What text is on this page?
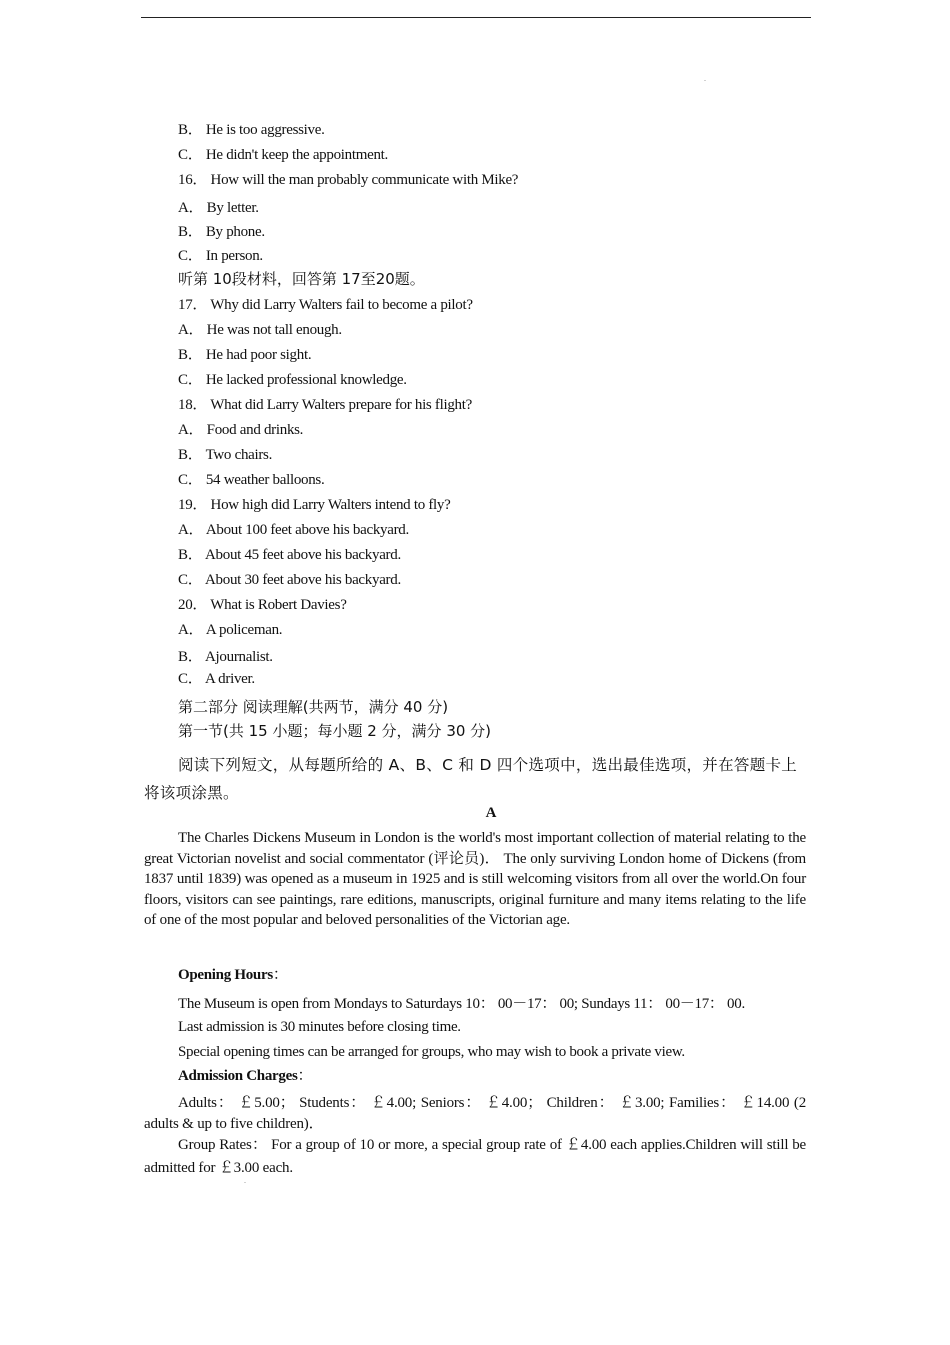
.
B． He is too aggressive.
C． He didn't keep the appointment.
16． How will the man probably communicate with Mike?
A． By letter.
B． By phone.
C． In person.
听第 10段材料，回答第 17至20题。
17． Why did Larry Walters fail to become a pilot?
A． He was not tall enough.
B． He had poor sight.
C． He lacked professional knowledge.
18． What did Larry Walters prepare for his flight?
A． Food and drinks.
B． Two chairs.
C． 54 weather balloons.
19． How high did Larry Walters intend to fly?
A． About 100 feet above his backyard.
B． About 45 feet above his backyard.
C． About 30 feet above his backyard.
20． What is Robert Davies?
A． A policeman.
B． Ajournalist.
C． A driver.
第二部分 阅读理解(共两节，满分 40 分)
第一节(共 15 小题；每小题 2 分，满分 30 分)
阅读下列短文，从每题所给的 A、B、C 和 D 四个选项中，选出最佳选项，并在答题卡上将该项涂黑。
A
The Charles Dickens Museum in London is the world's most important collection of material relating to the great Victorian novelist and social commentator (评论员)． The only surviving London home of Dickens (from 1837 until 1839) was opened as a museum in 1925 and is still welcoming visitors from all over the world.On four floors, visitors can see paintings, rare editions, manuscripts, original furniture and many items relating to the life of one of the most popular and beloved personalities of the Victorian age.
Opening Hours：
The Museum is open from Mondays to Saturdays 10： 00－17： 00; Sundays 11： 00－17： 00.
Last admission is 30 minutes before closing time.
Special opening times can be arranged for groups, who may wish to book a private view.
Admission Charges：
Adults： ￡5.00； Students： ￡4.00; Seniors： ￡4.00； Children： ￡3.00; Families： ￡14.00 (2 adults & up to five children)．
Group Rates： For a group of 10 or more, a special group rate of ￡4.00 each applies.Children will still be admitted for ￡3.00 each.
.
